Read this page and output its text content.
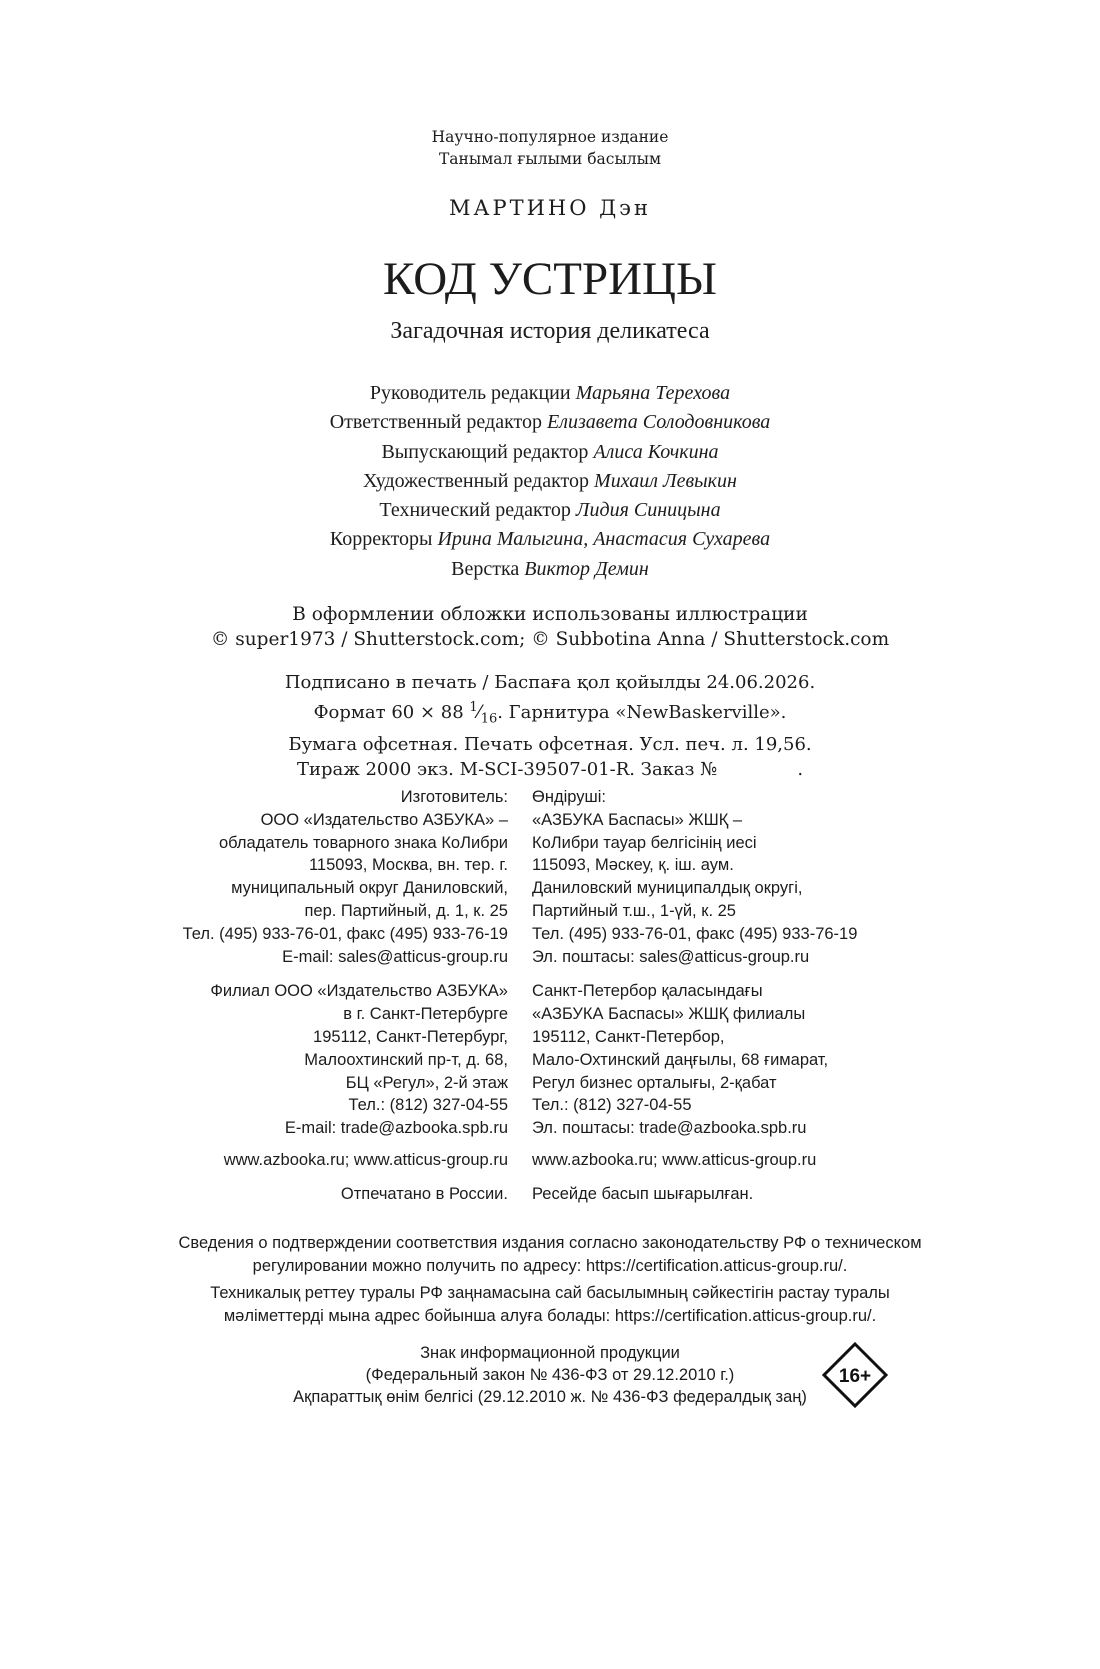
Научно-популярное издание
Танымал ғылыми басылым
МАРТИНО Дэн
КОД УСТРИЦЫ
Загадочная история деликатеса
Руководитель редакции Марьяна Терехова
Ответственный редактор Елизавета Солодовникова
Выпускающий редактор Алиса Кочкина
Художественный редактор Михаил Левыкин
Технический редактор Лидия Синицына
Корректоры Ирина Малыгина, Анастасия Сухарева
Верстка Виктор Демин
В оформлении обложки использованы иллюстрации
© super1973 / Shutterstock.com; © Subbotina Anna / Shutterstock.com
Подписано в печать / Баспаға қол қойылды 24.06.2026.
Формат 60 × 88 $^1⁄_{16}$. Гарнитура «NewBaskerville».
Бумага офсетная. Печать офсетная. Усл. печ. л. 19,56.
Тираж 2000 экз. M-SCI-39507-01-R. Заказ №              .
Изготовитель:
ООО «Издательство АЗБУКА» –
обладатель товарного знака КоЛибри
115093, Москва, вн. тер. г.
муниципальный округ Даниловский,
пер. Партийный, д. 1, к. 25
Тел. (495) 933-76-01, факс (495) 933-76-19
E-mail: sales@atticus-group.ru
Өндіруші:
«АЗБУКА Баспасы» ЖШҚ –
КоЛибри тауар белгісінің иесі
115093, Мәскеу, қ. іш. аум.
Даниловский муниципалдық округі,
Партийный т.ш., 1-үй, к. 25
Тел. (495) 933-76-01, факс (495) 933-76-19
Эл. поштасы: sales@atticus-group.ru
Филиал ООО «Издательство АЗБУКА»
в г. Санкт-Петербурге
195112, Санкт-Петербург,
Малоохтинский пр-т, д. 68,
БЦ «Регул», 2-й этаж
Тел.: (812) 327-04-55
E-mail: trade@azbooka.spb.ru
Санкт-Петербор қаласындағы
«АЗБУКА Баспасы» ЖШҚ филиалы
195112, Санкт-Петербор,
Мало-Охтинский даңғылы, 68 ғимарат,
Регул бизнес орталығы, 2-қабат
Тел.: (812) 327-04-55
Эл. поштасы: trade@azbooka.spb.ru
www.azbooka.ru; www.atticus-group.ru	www.azbooka.ru; www.atticus-group.ru
Отпечатано в России.	Ресейде басып шығарылған.
Сведения о подтверждении соответствия издания согласно законодательству РФ о техническом
регулировании можно получить по адресу: https://certification.atticus-group.ru/.
Техникалық реттеу туралы РФ заңнамасына сай басылымның сәйкестігін растау туралы
мәліметтерді мына адрес бойынша алуға болады: https://certification.atticus-group.ru/.
Знак информационной продукции
(Федеральный закон № 436-ФЗ от 29.12.2010 г.)
Ақпараттық өнім белгісі (29.12.2010 ж. № 436-ФЗ федералдық заң)
16+
